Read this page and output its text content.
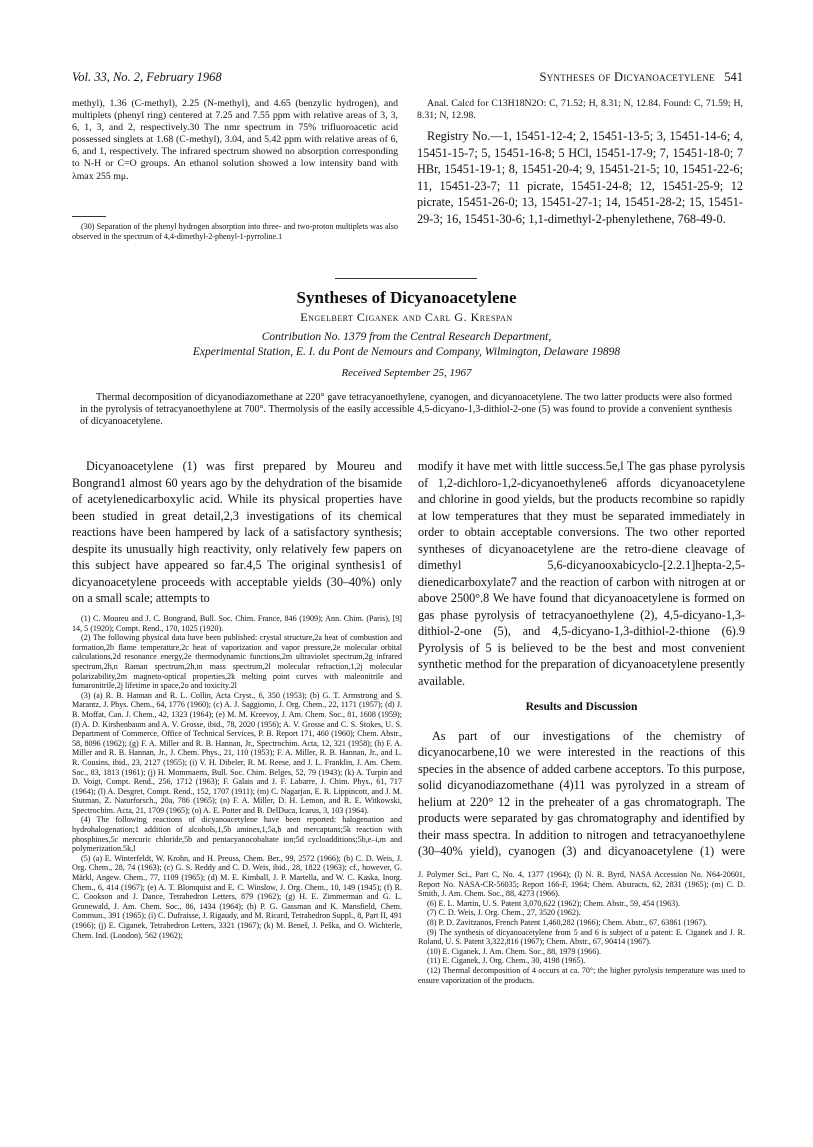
Vol. 33, No. 2, February 1968	Syntheses of Dicyanoacetylene 541

methyl), 1.36 (C-methyl), 2.25 (N-methyl), and 4.65 (benzylic hydrogen), and multiplets (phenyl ring) centered at 7.25 and 7.55 ppm with relative areas of 3, 3, 6, 1, 3, and 2, respectively.30 The nmr spectrum in 75% trifluoroacetic acid possessed singlets at 1.68 (C-methyl), 3.04, and 5.42 ppm with relative areas of 6, 6, and 1, respectively. The infrared spectrum showed no absorption corresponding to N-H or C=O groups. An ethanol solution showed a low intensity band with λmax 255 mμ.

(30) Separation of the phenyl hydrogen absorption into three- and two-proton multiplets was also observed in the spectrum of 4,4-dimethyl-2-phenyl-1-pyrroline.1

Anal. Calcd for C13H18N2O: C, 71.52; H, 8.31; N, 12.84. Found: C, 71.59; H, 8.31; N, 12.98.

Registry No.—1, 15451-12-4; 2, 15451-13-5; 3, 15451-14-6; 4, 15451-15-7; 5, 15451-16-8; 5 HCl, 15451-17-9; 7, 15451-18-0; 7 HBr, 15451-19-1; 8, 15451-20-4; 9, 15451-21-5; 10, 15451-22-6; 11, 15451-23-7; 11 picrate, 15451-24-8; 12, 15451-25-9; 12 picrate, 15451-26-0; 13, 15451-27-1; 14, 15451-28-2; 15, 15451-29-3; 16, 15451-30-6; 1,1-dimethyl-2-phenylethene, 768-49-0.

Syntheses of Dicyanoacetylene
Engelbert Ciganek and Carl G. Krespan
Contribution No. 1379 from the Central Research Department,
Experimental Station, E. I. du Pont de Nemours and Company, Wilmington, Delaware 19898
Received September 25, 1967

Thermal decomposition of dicyanodiazomethane at 220° gave tetracyanoethylene, cyanogen, and dicyanoacetylene. The two latter products were also formed in the pyrolysis of tetracyanoethylene at 700°. Thermolysis of the easily accessible 4,5-dicyano-1,3-dithiol-2-one (5) was found to provide a convenient synthesis of dicyanoacetylene.

Dicyanoacetylene (1) was first prepared by Moureu and Bongrand1 almost 60 years ago by the dehydration of the bisamide of acetylenedicarboxylic acid. While its physical properties have been studied in great detail,2,3 investigations of its chemical reactions have been hampered by lack of a satisfactory synthesis; despite its unusually high reactivity, only relatively few papers on this subject have appeared so far.4,5 The original synthesis1 of dicyanoacetylene proceeds with acceptable yields (30–40%) only on a small scale; attempts to

(1) C. Moureu and J. C. Bongrand, Bull. Soc. Chim. France, 846 (1909); Ann. Chim. (Paris), [9] 14, 5 (1920); Compt. Rend., 170, 1025 (1920).

(2) The following physical data have been published: crystal structure,2a heat of combustion and formation,2b flame temperature,2c heat of vaporization and vapor pressure,2e molecular orbital calculations,2d resonance energy,2e thermodynamic functions,2m ultraviolet spectrum,2g infrared spectrum,2h,n Raman spectrum,2h,m mass spectrum,2l molecular refraction,1,2j molecular polarizability,2m magneto-optical properties,2k melting point curves with maleonitrile and fumaronitrile,2j lifetime in space,2o and toxicity.2l

(3) (a) R. B. Hannan and R. L. Collin, Acta Cryst., 6, 350 (1953); (b) G. T. Armstrong and S. Marantz, J. Phys. Chem., 64, 1776 (1960); (c) A. J. Saggiomo, J. Org. Chem., 22, 1171 (1957); (d) J. B. Moffat, Can. J. Chem., 42, 1323 (1964); (e) M. M. Kreevoy, J. Am. Chem. Soc., 81, 1608 (1959); (f) A. D. Kirshenbaum and A. V. Grosse, ibid., 78, 2020 (1956); A. V. Grosse and C. S. Stokes, U. S. Department of Commerce, Office of Technical Services, P. B. Report 171, 460 (1960); Chem. Abstr., 58, 8096 (1962); (g) F. A. Miller and R. B. Hannan, Jr., Spectrochim. Acta, 12, 321 (1958); (h) F. A. Miller and R. B. Hannan, Jr., J. Chem. Phys., 21, 110 (1953); F. A. Miller, R. B. Hannan, Jr., and L. R. Cousins, ibid., 23, 2127 (1955); (i) V. H. Dibeler, R. M. Reese, and J. L. Franklin, J. Am. Chem. Soc., 83, 1813 (1961); (j) H. Mommaerts, Bull. Soc. Chim. Belges, 52, 79 (1943); (k) A. Turpin and D. Voigt, Compt. Rend., 256, 1712 (1963); F. Galais and J. F. Labarre, J. Chim. Phys., 61, 717 (1964); (l) A. Desgret, Compt. Rend., 152, 1707 (1911); (m) C. Nagarjan, E. R. Lippincott, and J. M. Stutman, Z. Naturforsch., 20a, 786 (1965); (n) F. A. Miller, D. H. Lemon, and R. E. Witkowski, Spectrochim. Acta, 21, 1709 (1965); (o) A. E. Potter and B. DelDuca, Icarus, 3, 103 (1964).

(4) The following reactions of dicyanoacetylene have been reported: halogenation and hydrohalogenation;1 addition of alcohols,1,5b amines,1,5a,b and mercaptans;5k reaction with phosphines,5c mercuric chloride,5b and pentacyanocobaltate ion;5d cycloadditions;5b,e–i,m and polymerization.5k,l

(5) (a) E. Winterfeldt, W. Krohn, and H. Preuss, Chem. Ber., 99, 2572 (1966); (b) C. D. Weis, J. Org. Chem., 28, 74 (1963); (c) G. S. Reddy and C. D. Weis, ibid., 28, 1822 (1963); cf., however, G. Märkl, Angew. Chem., 77, 1109 (1965); (d) M. E. Kimball, J. P. Martella, and W. C. Kaska, Inorg. Chem., 6, 414 (1967); (e) A. T. Blomquist and E. C. Winslow, J. Org. Chem., 10, 149 (1945); (f) R. C. Cookson and J. Dance, Tetrahedron Letters, 879 (1962); (g) H. E. Zimmerman and G. L. Grunewald, J. Am. Chem. Soc., 86, 1434 (1964); (h) P. G. Gassman and K. Mansfield, Chem. Commun., 391 (1965); (i) C. Dufraisse, J. Rigaudy, and M. Ricard, Tetrahedron Suppl., 8, Part II, 491 (1966); (j) E. Ciganek, Tetrahedron Letters, 3321 (1967); (k) M. Beneš, J. Peška, and O. Wichterle, Chem. Ind. (London), 562 (1962);

modify it have met with little success.5e,l The gas phase pyrolysis of 1,2-dichloro-1,2-dicyanoethylene6 affords dicyanoacetylene and chlorine in good yields, but the products recombine so rapidly at low temperatures that they must be separated immediately in order to obtain acceptable conversions. The two other reported syntheses of dicyanoacetylene are the retro-diene cleavage of dimethyl 5,6-dicyanooxabicyclo-[2.2.1]hepta-2,5-dienedicarboxylate7 and the reaction of carbon with nitrogen at or above 2500°.8 We have found that dicyanoacetylene is formed on gas phase pyrolysis of tetracyanoethylene (2), 4,5-dicyano-1,3-dithiol-2-one (5), and 4,5-dicyano-1,3-dithiol-2-thione (6).9 Pyrolysis of 5 is believed to be the best and most convenient synthetic method for the preparation of dicyanoacetylene presently available.

Results and Discussion

As part of our investigations of the chemistry of dicyanocarbene,10 we were interested in the reactions of this species in the absence of added carbene acceptors. To this purpose, solid dicyanodiazomethane (4)11 was pyrolyzed in a stream of helium at 220° 12 in the preheater of a gas chromatograph. The products were separated by gas chromatography and identified by their mass spectra. In addition to nitrogen and tetracyanoethylene (30–40% yield), cyanogen (3) and dicyanoacetylene (1) were

J. Polymer Sci., Part C, No. 4, 1377 (1964); (l) N. R. Byrd, NASA Accession No. N64-20601, Report No. NASA-CR-56035; Report 166-F, 1964; Chem. Abstracts, 62, 2831 (1965); (m) C. D. Smith, J. Am. Chem. Soc., 88, 4273 (1966).

(6) E. L. Martin, U. S. Patent 3,070,622 (1962); Chem. Abstr., 59, 454 (1963).

(7) C. D. Weis, J. Org. Chem., 27, 3520 (1962).

(8) P. D. Zavitzanos, French Patent 1,460,282 (1966); Chem. Abstr., 67, 63861 (1967).

(9) The synthesis of dicyanoacetylene from 5 and 6 is subject of a patent: E. Ciganek and J. R. Roland, U. S. Patent 3,322,816 (1967); Chem. Abstr., 67, 90414 (1967).

(10) E. Ciganek, J. Am. Chem. Soc., 88, 1979 (1966).

(11) E. Ciganek, J. Org. Chem., 30, 4198 (1965).

(12) Thermal decomposition of 4 occurs at ca. 70°; the higher pyrolysis temperature was used to ensure vaporization of the products.
